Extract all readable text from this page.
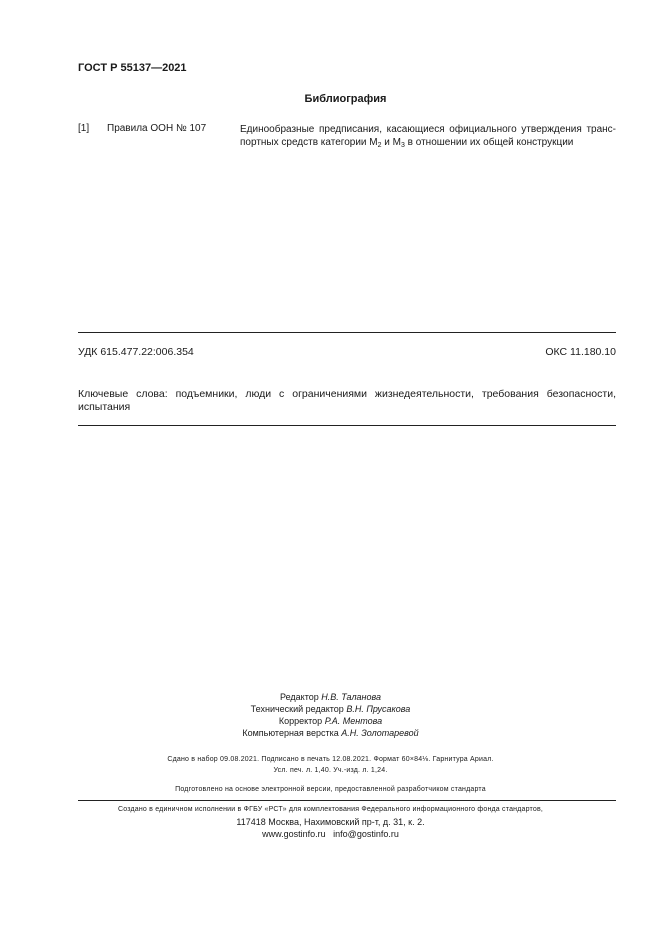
ГОСТ Р 55137—2021
Библиография
[1] Правила ООН № 107	Единообразные предписания, касающиеся официального утверждения транс-
портных средств категории $M_2$ и $M_3$ в отношении их общей конструкции
УДК 615.477.22:006.354	ОКС 11.180.10
Ключевые слова: подъемники, люди с ограничениями жизнедеятельности, требования безопасности,
испытания
Редактор Н.В. Таланова
Технический редактор В.Н. Прусакова
Корректор Р.А. Ментова
Компьютерная верстка А.Н. Золотаревой
Сдано в набор 09.08.2021. Подписано в печать 12.08.2021. Формат 60×84⅛. Гарнитура Ариал.
Усл. печ. л. 1,40. Уч.-изд. л. 1,24.
Подготовлено на основе электронной версии, предоставленной разработчиком стандарта
Создано в единичном исполнении в ФГБУ «РСТ» для комплектования Федерального информационного фонда стандартов,
117418 Москва, Нахимовский пр-т, д. 31, к. 2.
www.gostinfo.ru   info@gostinfo.ru
